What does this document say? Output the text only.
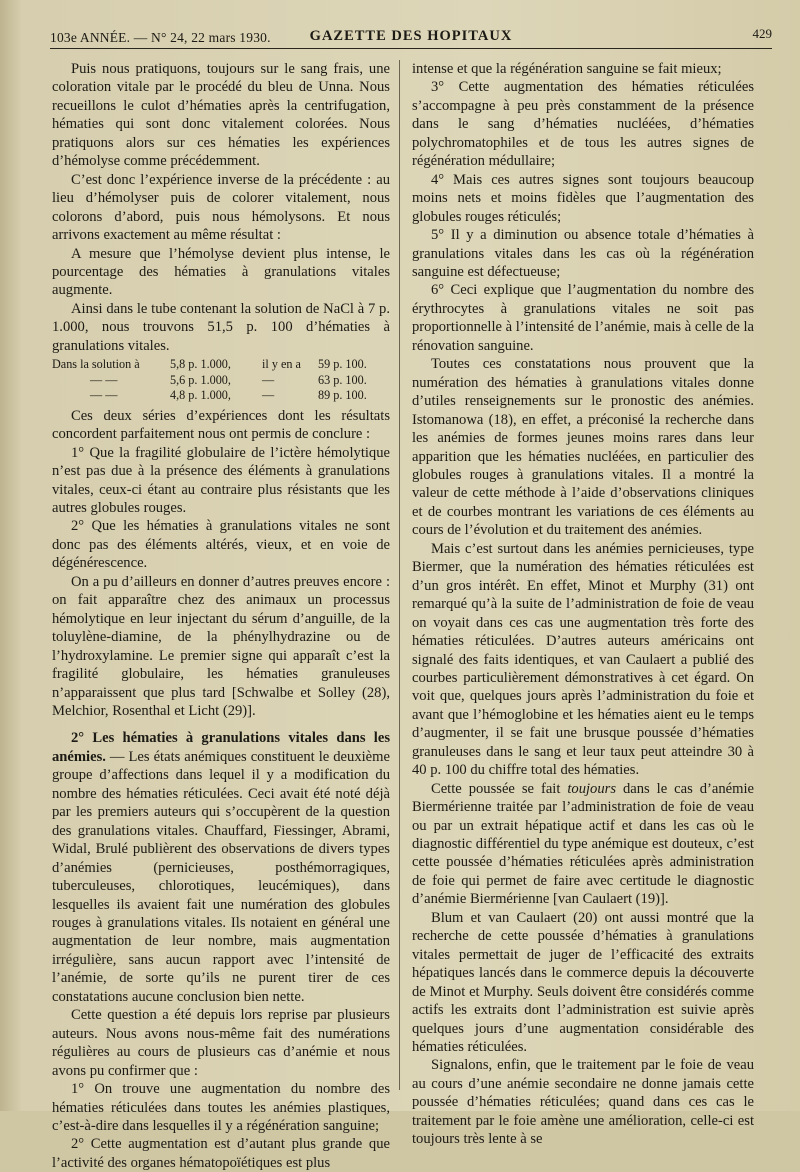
103e ANNÉE. — N° 24, 22 mars 1930.	GAZETTE DES HOPITAUX	429

Puis nous pratiquons, toujours sur le sang frais, une coloration vitale par le procédé du bleu de Unna. Nous recueillons le culot d’hématies après la centrifugation, hématies qui sont donc vitalement colorées. Nous pratiquons alors sur ces hématies les expériences d’hémolyse comme précédemment.

C’est donc l’expérience inverse de la précédente : au lieu d’hémolyser puis de colorer vitalement, nous colorons d’abord, puis nous hémolysons. Et nous arrivons exactement au même résultat :

A mesure que l’hémolyse devient plus intense, le pourcentage des hématies à granulations vitales augmente.

Ainsi dans le tube contenant la solution de NaCl à 7 p. 1.000, nous trouvons 51,5 p. 100 d’hématies à granulations vitales.

Dans la solution à	5,8 p. 1.000,	il y en a	59 p. 100.
— —	5,6 p. 1.000,	—	63 p. 100.
— —	4,8 p. 1.000,	—	89 p. 100.

Ces deux séries d’expériences dont les résultats concordent parfaitement nous ont permis de conclure :

1° Que la fragilité globulaire de l’ictère hémolytique n’est pas due à la présence des éléments à granulations vitales, ceux-ci étant au contraire plus résistants que les autres globules rouges.

2° Que les hématies à granulations vitales ne sont donc pas des éléments altérés, vieux, et en voie de dégénérescence.

On a pu d’ailleurs en donner d’autres preuves encore : on fait apparaître chez des animaux un processus hémolytique en leur injectant du sérum d’anguille, de la toluylène-diamine, de la phénylhydrazine ou de l’hydroxylamine. Le premier signe qui apparaît c’est la fragilité globulaire, les hématies granuleuses n’apparaissent que plus tard [Schwalbe et Solley (28), Melchior, Rosenthal et Licht (29)].

2° Les hématies à granulations vitales dans les anémies. — Les états anémiques constituent le deuxième groupe d’affections dans lequel il y a modification du nombre des hématies réticulées. Ceci avait été noté déjà par les premiers auteurs qui s’occupèrent de la question des granulations vitales. Chauffard, Fiessinger, Abrami, Widal, Brulé publièrent des observations de divers types d’anémies (pernicieuses, posthémorragiques, tuberculeuses, chlorotiques, leucémiques), dans lesquelles ils avaient fait une numération des globules rouges à granulations vitales. Ils notaient en général une augmentation de leur nombre, mais augmentation irrégulière, sans aucun rapport avec l’intensité de l’anémie, de sorte qu’ils ne purent tirer de ces constatations aucune conclusion bien nette.

Cette question a été depuis lors reprise par plusieurs auteurs. Nous avons nous-même fait des numérations régulières au cours de plusieurs cas d’anémie et nous avons pu confirmer que :

1° On trouve une augmentation du nombre des hématies réticulées dans toutes les anémies plastiques, c’est-à-dire dans lesquelles il y a régénération sanguine;

2° Cette augmentation est d’autant plus grande que l’activité des organes hématopoïétiques est plus

intense et que la régénération sanguine se fait mieux;

3° Cette augmentation des hématies réticulées s’accompagne à peu près constamment de la présence dans le sang d’hématies nucléées, d’hématies polychromatophiles et de tous les autres signes de régénération médullaire;

4° Mais ces autres signes sont toujours beaucoup moins nets et moins fidèles que l’augmentation des globules rouges réticulés;

5° Il y a diminution ou absence totale d’hématies à granulations vitales dans les cas où la régénération sanguine est défectueuse;

6° Ceci explique que l’augmentation du nombre des érythrocytes à granulations vitales ne soit pas proportionnelle à l’intensité de l’anémie, mais à celle de la rénovation sanguine.

Toutes ces constatations nous prouvent que la numération des hématies à granulations vitales donne d’utiles renseignements sur le pronostic des anémies. Istomanowa (18), en effet, a préconisé la recherche dans les anémies de formes jeunes moins rares dans leur apparition que les hématies nucléées, en particulier des globules rouges à granulations vitales. Il a montré la valeur de cette méthode à l’aide d’observations cliniques et de courbes montrant les variations de ces éléments au cours de l’évolution et du traitement des anémies.

Mais c’est surtout dans les anémies pernicieuses, type Biermer, que la numération des hématies réticulées est d’un gros intérêt. En effet, Minot et Murphy (31) ont remarqué qu’à la suite de l’administration de foie de veau on voyait dans ces cas une augmentation très forte des hématies réticulées. D’autres auteurs américains ont signalé des faits identiques, et van Caulaert a publié des courbes particulièrement démonstratives à cet égard. On voit que, quelques jours après l’administration du foie et avant que l’hémoglobine et les hématies aient eu le temps d’augmenter, il se fait une brusque poussée d’hématies granuleuses dans le sang et leur taux peut atteindre 30 à 40 p. 100 du chiffre total des hématies.

Cette poussée se fait toujours dans le cas d’anémie Biermérienne traitée par l’administration de foie de veau ou par un extrait hépatique actif et dans les cas où le diagnostic différentiel du type anémique est douteux, c’est cette poussée d’hématies réticulées après administration de foie qui permet de faire avec certitude le diagnostic d’anémie Biermérienne [van Caulaert (19)].

Blum et van Caulaert (20) ont aussi montré que la recherche de cette poussée d’hématies à granulations vitales permettait de juger de l’efficacité des extraits hépatiques lancés dans le commerce depuis la découverte de Minot et Murphy. Seuls doivent être considérés comme actifs les extraits dont l’administration est suivie après quelques jours d’une augmentation considérable des hématies réticulées.

Signalons, enfin, que le traitement par le foie de veau au cours d’une anémie secondaire ne donne jamais cette poussée d’hématies réticulées; quand dans ces cas le traitement par le foie amène une amélioration, celle-ci est toujours très lente à se
